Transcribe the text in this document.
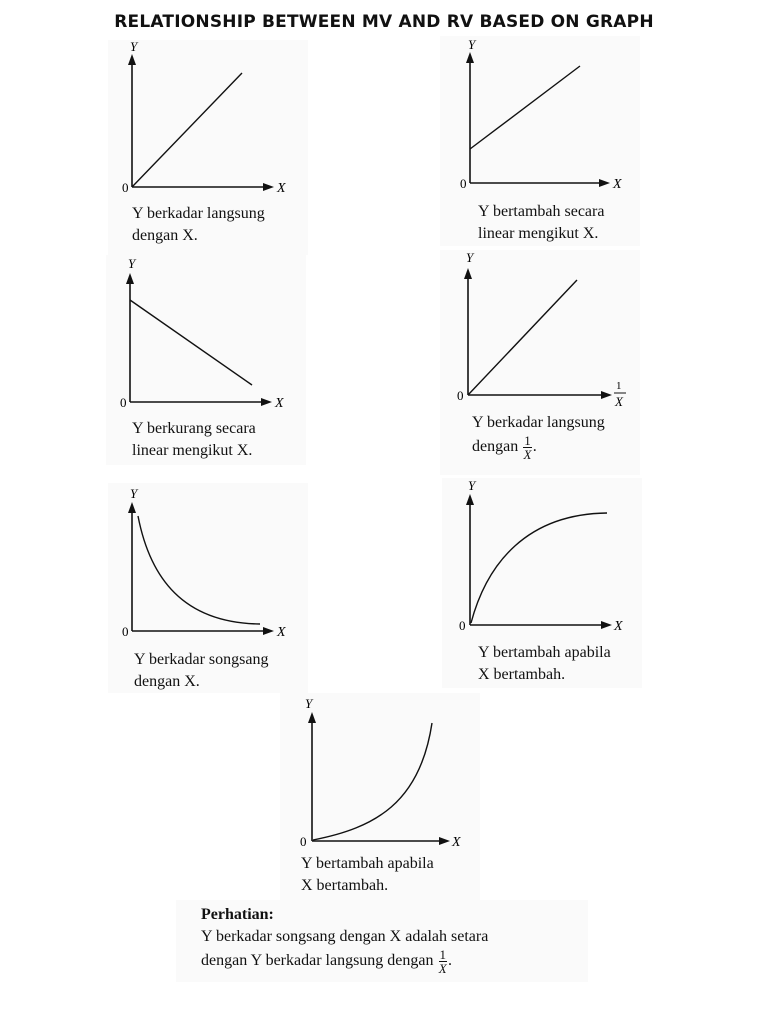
RELATIONSHIP BETWEEN MV AND RV BASED ON GRAPH
Y
X
0
Y berkadar langsung
dengan X.
Y
X
0
Y bertambah secara
linear mengikut X.
Y
X
0
Y berkurang secara
linear mengikut X.
Y
1
X
0
Y berkadar langsung
dengan $\frac{1}{X}$ .
Y
X
0
Y berkadar songsang
dengan X.
Y
X
0
Y bertambah apabila
X bertambah.
Y
X
0
Y bertambah apabila
X bertambah.
Perhatian:
Y berkadar songsang dengan X adalah setara
dengan Y berkadar langsung dengan $\frac{1}{X}$ .
